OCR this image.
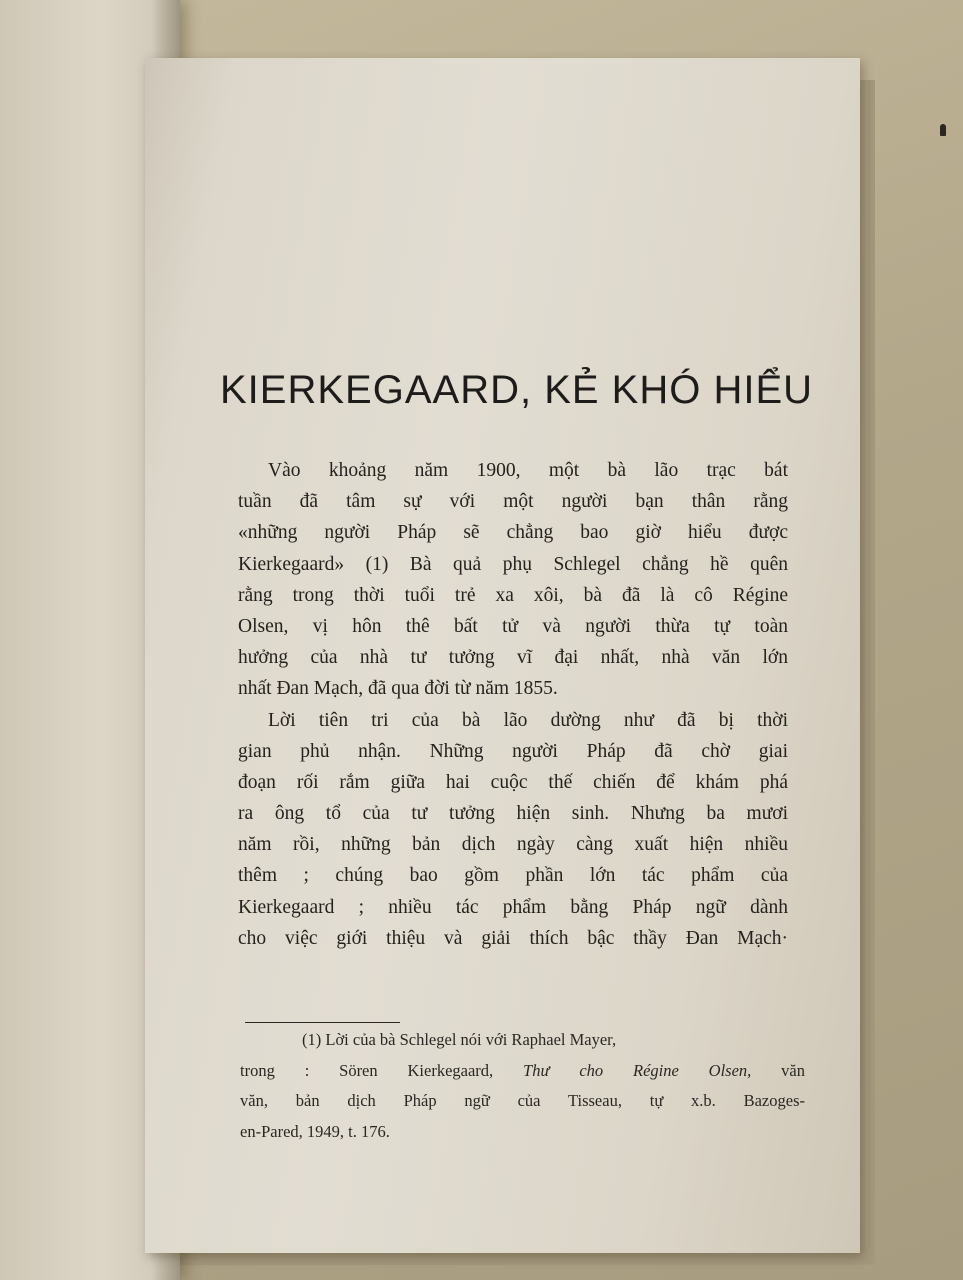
KIERKEGAARD, KẺ KHÓ HIỂU
Vào khoảng năm 1900, một bà lão trạc bát
tuần đã tâm sự với một người bạn thân rằng
«những người Pháp sẽ chẳng bao giờ hiểu được
Kierkegaard» (1) Bà quả phụ Schlegel chẳng hề quên
rằng trong thời tuổi trẻ xa xôi, bà đã là cô Régine
Olsen, vị hôn thê bất tử và người thừa tự toàn
hưởng của nhà tư tưởng vĩ đại nhất, nhà văn lớn
nhất Đan Mạch, đã qua đời từ năm 1855.
Lời tiên tri của bà lão dường như đã bị thời
gian phủ nhận. Những người Pháp đã chờ giai
đoạn rối rắm giữa hai cuộc thế chiến để khám phá
ra ông tổ của tư tưởng hiện sinh. Nhưng ba mươi
năm rồi, những bản dịch ngày càng xuất hiện nhiều
thêm ; chúng bao gồm phần lớn tác phẩm của
Kierkegaard ; nhiều tác phẩm bằng Pháp ngữ dành
cho việc giới thiệu và giải thích bậc thầy Đan Mạch·
(1) Lời của bà Schlegel nói với Raphael Mayer,
trong : Sören Kierkegaard, Thư cho Régine Olsen, văn
văn, bản dịch Pháp ngữ của Tisseau, tự x.b. Bazoges-
en-Pared, 1949, t. 176.
